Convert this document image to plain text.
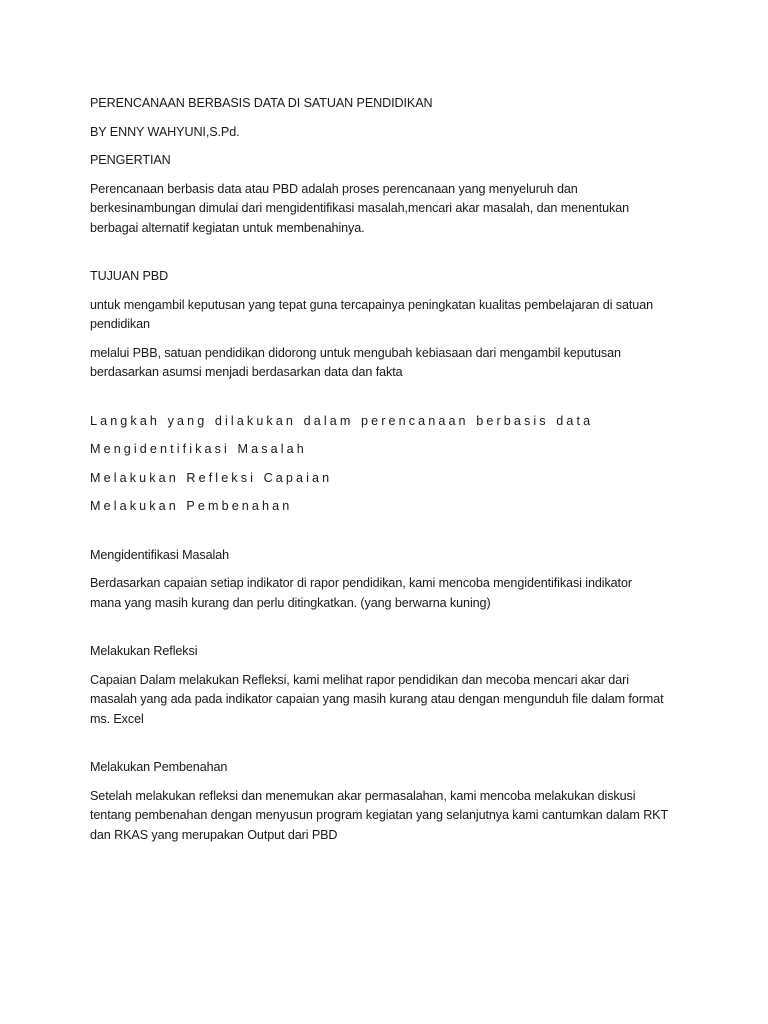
PERENCANAAN BERBASIS DATA DI SATUAN PENDIDIKAN

BY ENNY WAHYUNI,S.Pd.

PENGERTIAN

Perencanaan berbasis data atau PBD adalah proses perencanaan yang menyeluruh dan

berkesinambungan dimulai dari mengidentifikasi masalah,mencari akar masalah, dan menentukan

berbagai alternatif kegiatan untuk membenahinya.

TUJUAN PBD

untuk mengambil keputusan yang tepat guna tercapainya peningkatan kualitas pembelajaran di satuan

pendidikan

melalui PBB, satuan pendidikan didorong untuk mengubah kebiasaan dari mengambil keputusan

berdasarkan asumsi menjadi berdasarkan data dan fakta

Langkah yang dilakukan dalam perencanaan berbasis data

Mengidentifikasi Masalah

Melakukan Refleksi Capaian

Melakukan Pembenahan

Mengidentifikasi Masalah

Berdasarkan capaian setiap indikator di rapor pendidikan, kami mencoba mengidentifikasi indikator

mana yang masih kurang dan perlu ditingkatkan. (yang berwarna kuning)

Melakukan Refleksi

Capaian Dalam melakukan Refleksi, kami melihat rapor pendidikan dan mecoba mencari akar dari

masalah yang ada pada indikator capaian yang masih kurang atau dengan mengunduh file dalam format

ms. Excel

Melakukan Pembenahan

Setelah melakukan refleksi dan menemukan akar permasalahan, kami mencoba melakukan diskusi

tentang pembenahan dengan menyusun program kegiatan yang selanjutnya kami cantumkan dalam RKT

dan RKAS yang merupakan Output dari PBD
